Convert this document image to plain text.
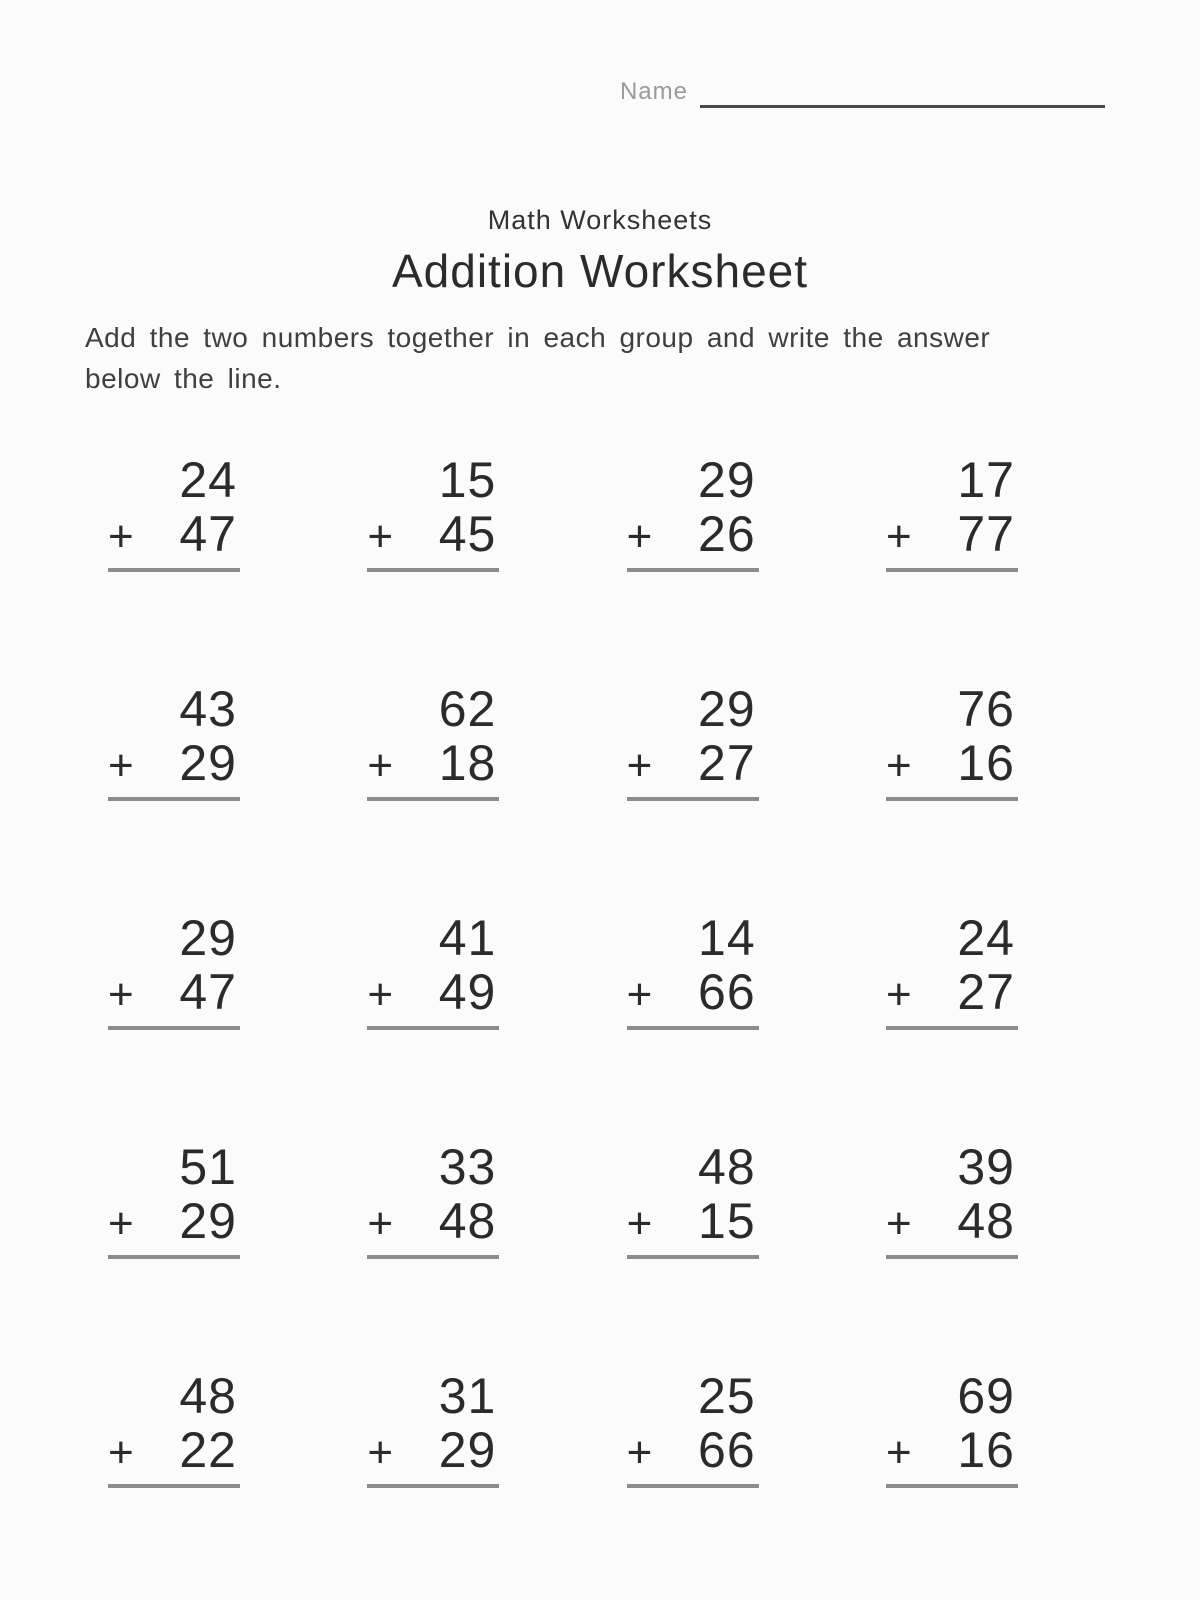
Name
Math Worksheets
Addition Worksheet
Add the two numbers together in each group and write the answer below the line.
24
+ 47
15
+ 45
29
+ 26
17
+ 77
43
+ 29
62
+ 18
29
+ 27
76
+ 16
29
+ 47
41
+ 49
14
+ 66
24
+ 27
51
+ 29
33
+ 48
48
+ 15
39
+ 48
48
+ 22
31
+ 29
25
+ 66
69
+ 16
